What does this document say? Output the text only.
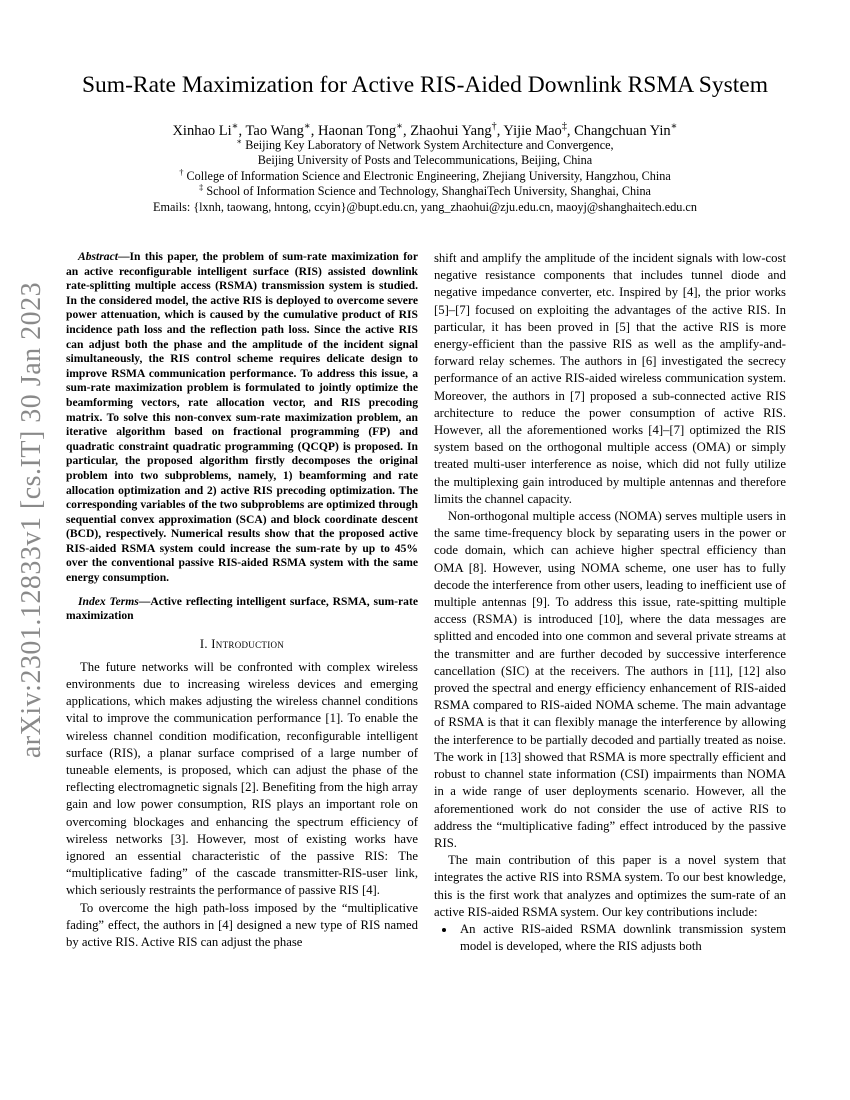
arXiv:2301.12833v1 [cs.IT] 30 Jan 2023
Sum-Rate Maximization for Active RIS-Aided Downlink RSMA System
Xinhao Li∗, Tao Wang∗, Haonan Tong∗, Zhaohui Yang†, Yijie Mao‡, Changchuan Yin∗
∗ Beijing Key Laboratory of Network System Architecture and Convergence,
Beijing University of Posts and Telecommunications, Beijing, China
† College of Information Science and Electronic Engineering, Zhejiang University, Hangzhou, China
‡ School of Information Science and Technology, ShanghaiTech University, Shanghai, China
Emails: {lxnh, taowang, hntong, ccyin}@bupt.edu.cn, yang_zhaohui@zju.edu.cn, maoyj@shanghaitech.edu.cn

Abstract—In this paper, the problem of sum-rate maximization for an active reconfigurable intelligent surface (RIS) assisted downlink rate-splitting multiple access (RSMA) transmission system is studied. In the considered model, the active RIS is deployed to overcome severe power attenuation, which is caused by the cumulative product of RIS incidence path loss and the reflection path loss. Since the active RIS can adjust both the phase and the amplitude of the incident signal simultaneously, the RIS control scheme requires delicate design to improve RSMA communication performance. To address this issue, a sum-rate maximization problem is formulated to jointly optimize the beamforming vectors, rate allocation vector, and RIS precoding matrix. To solve this non-convex sum-rate maximization problem, an iterative algorithm based on fractional programming (FP) and quadratic constraint quadratic programming (QCQP) is proposed. In particular, the proposed algorithm firstly decomposes the original problem into two subproblems, namely, 1) beamforming and rate allocation optimization and 2) active RIS precoding optimization. The corresponding variables of the two subproblems are optimized through sequential convex approximation (SCA) and block coordinate descent (BCD), respectively. Numerical results show that the proposed active RIS-aided RSMA system could increase the sum-rate by up to 45% over the conventional passive RIS-aided RSMA system with the same energy consumption.

Index Terms—Active reflecting intelligent surface, RSMA, sum-rate maximization

I. Introduction

The future networks will be confronted with complex wireless environments due to increasing wireless devices and emerging applications, which makes adjusting the wireless channel conditions vital to improve the communication performance [1]. To enable the wireless channel condition modification, reconfigurable intelligent surface (RIS), a planar surface comprised of a large number of tuneable elements, is proposed, which can adjust the phase of the reflecting electromagnetic signals [2]. Benefiting from the high array gain and low power consumption, RIS plays an important role on overcoming blockages and enhancing the spectrum efficiency of wireless networks [3]. However, most of existing works have ignored an essential characteristic of the passive RIS: The “multiplicative fading” of the cascade transmitter-RIS-user link, which seriously restraints the performance of passive RIS [4].

To overcome the high path-loss imposed by the “multiplicative fading” effect, the authors in [4] designed a new type of RIS named by active RIS. Active RIS can adjust the phase

shift and amplify the amplitude of the incident signals with low-cost negative resistance components that includes tunnel diode and negative impedance converter, etc. Inspired by [4], the prior works [5]–[7] focused on exploiting the advantages of the active RIS. In particular, it has been proved in [5] that the active RIS is more energy-efficient than the passive RIS as well as the amplify-and-forward relay schemes. The authors in [6] investigated the secrecy performance of an active RIS-aided wireless communication system. Moreover, the authors in [7] proposed a sub-connected active RIS architecture to reduce the power consumption of active RIS. However, all the aforementioned works [4]–[7] optimized the RIS system based on the orthogonal multiple access (OMA) or simply treated multi-user interference as noise, which did not fully utilize the multiplexing gain introduced by multiple antennas and therefore limits the channel capacity.

Non-orthogonal multiple access (NOMA) serves multiple users in the same time-frequency block by separating users in the power or code domain, which can achieve higher spectral efficiency than OMA [8]. However, using NOMA scheme, one user has to fully decode the interference from other users, leading to inefficient use of multiple antennas [9]. To address this issue, rate-spitting multiple access (RSMA) is introduced [10], where the data messages are splitted and encoded into one common and several private streams at the transmitter and are further decoded by successive interference cancellation (SIC) at the receivers. The authors in [11], [12] also proved the spectral and energy efficiency enhancement of RIS-aided RSMA compared to RIS-aided NOMA scheme. The main advantage of RSMA is that it can flexibly manage the interference by allowing the interference to be partially decoded and partially treated as noise. The work in [13] showed that RSMA is more spectrally efficient and robust to channel state information (CSI) impairments than NOMA in a wide range of user deployments scenario. However, all the aforementioned work do not consider the use of active RIS to address the “multiplicative fading” effect introduced by the passive RIS.

The main contribution of this paper is a novel system that integrates the active RIS into RSMA system. To our best knowledge, this is the first work that analyzes and optimizes the sum-rate of an active RIS-aided RSMA system. Our key contributions include:

• An active RIS-aided RSMA downlink transmission system model is developed, where the RIS adjusts both
